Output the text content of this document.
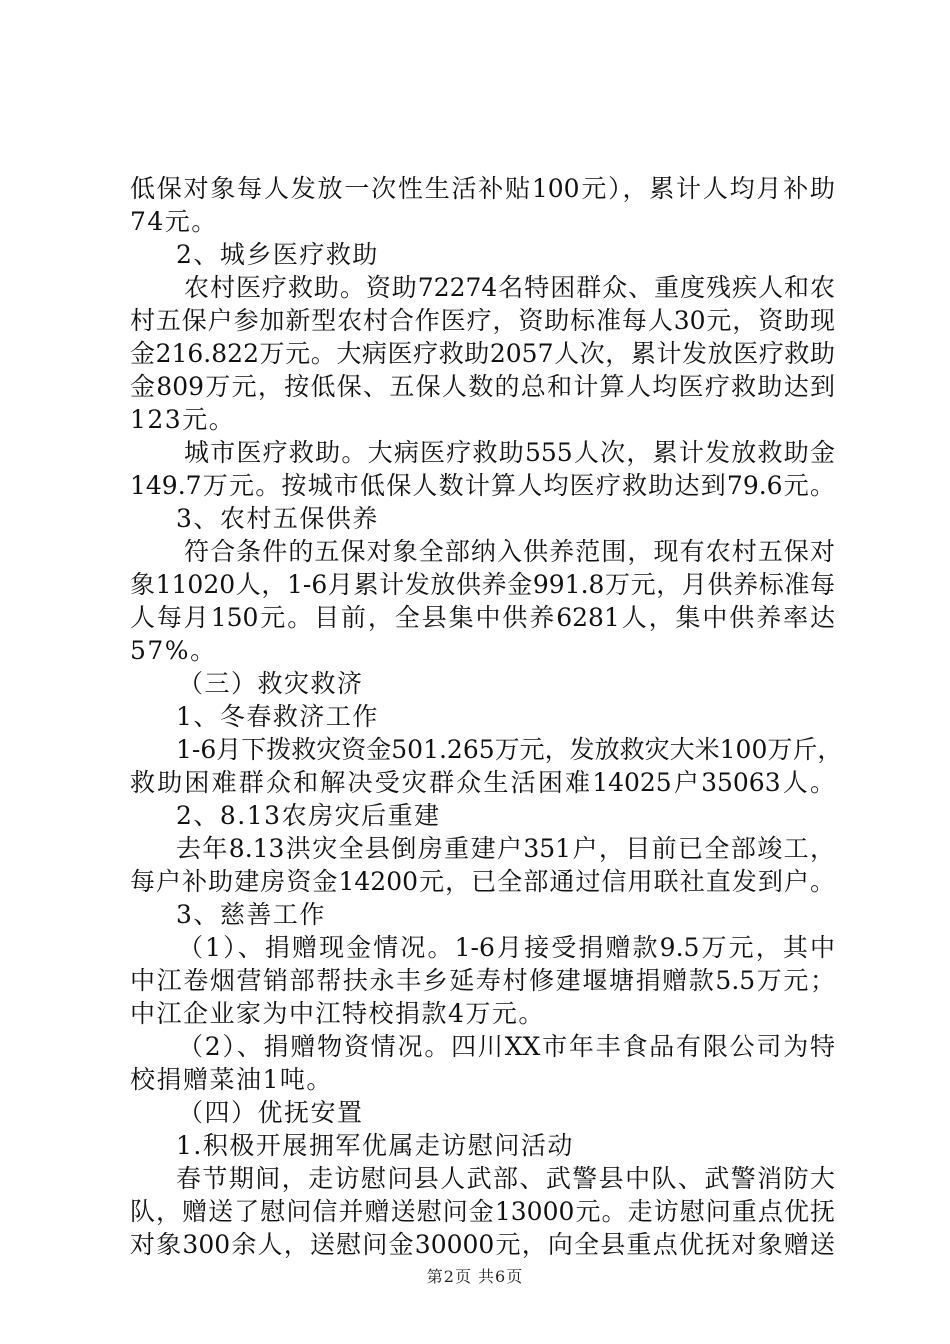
低保对象每人发放一次性生活补贴100元），累计人均月补助
74元。
2、城乡医疗救助
农村医疗救助。资助72274名特困群众、重度残疾人和农
村五保户参加新型农村合作医疗，资助标准每人30元，资助现
金216.822万元。大病医疗救助2057人次，累计发放医疗救助
金809万元，按低保、五保人数的总和计算人均医疗救助达到
123元。
城市医疗救助。大病医疗救助555人次，累计发放救助金
149.7万元。按城市低保人数计算人均医疗救助达到79.6元。
3、农村五保供养
符合条件的五保对象全部纳入供养范围，现有农村五保对
象11020人，1-6月累计发放供养金991.8万元，月供养标准每
人每月150元。目前，全县集中供养6281人，集中供养率达
57%。
（三）救灾救济
1、冬春救济工作
1-6月下拨救灾资金501.265万元，发放救灾大米100万斤，
救助困难群众和解决受灾群众生活困难14025户35063人。
2、8.13农房灾后重建
去年8.13洪灾全县倒房重建户351户，目前已全部竣工，
每户补助建房资金14200元，已全部通过信用联社直发到户。
3、慈善工作
（1）、捐赠现金情况。1-6月接受捐赠款9.5万元，其中
中江卷烟营销部帮扶永丰乡延寿村修建堰塘捐赠款5.5万元；
中江企业家为中江特校捐款4万元。
（2）、捐赠物资情况。四川XX市年丰食品有限公司为特
校捐赠菜油1吨。
（四）优抚安置
1.积极开展拥军优属走访慰问活动
春节期间，走访慰问县人武部、武警县中队、武警消防大
队，赠送了慰问信并赠送慰问金13000元。走访慰问重点优抚
对象300余人，送慰问金30000元，向全县重点优抚对象赠送
第2页 共6页
